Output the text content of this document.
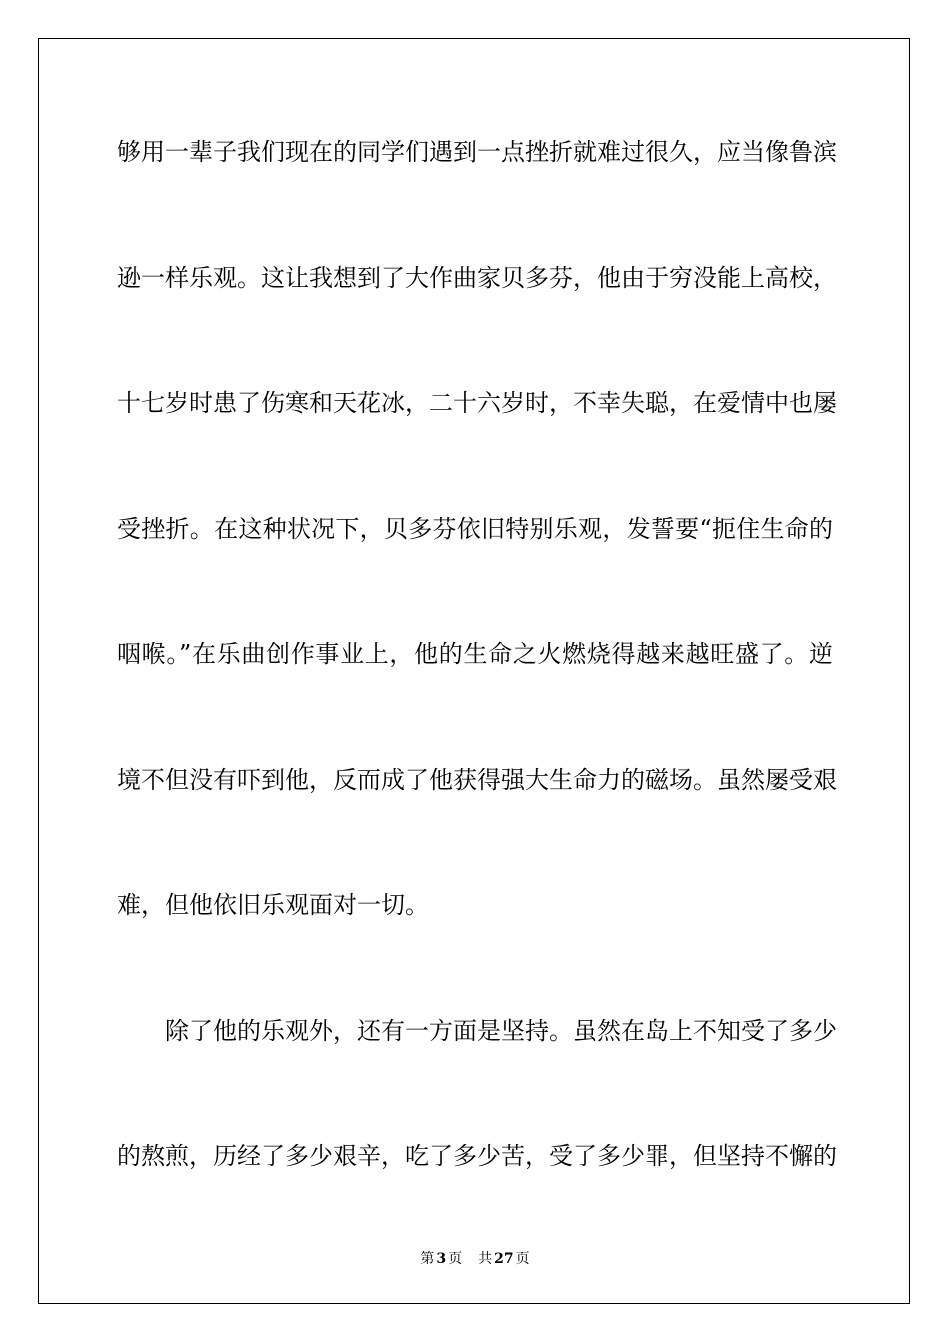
够用一辈子我们现在的同学们遇到一点挫折就难过很久，应当像鲁滨
逊一样乐观。这让我想到了大作曲家贝多芬，他由于穷没能上高校，
十七岁时患了伤寒和天花冰，二十六岁时，不幸失聪，在爱情中也屡
受挫折。在这种状况下，贝多芬依旧特别乐观，发誓要“扼住生命的
咽喉。”在乐曲创作事业上，他的生命之火燃烧得越来越旺盛了。逆
境不但没有吓到他，反而成了他获得强大生命力的磁场。虽然屡受艰
难，但他依旧乐观面对一切。
除了他的乐观外，还有一方面是坚持。虽然在岛上不知受了多少
的熬煎，历经了多少艰辛，吃了多少苦，受了多少罪，但坚持不懈的
第 3 页 共 27 页
